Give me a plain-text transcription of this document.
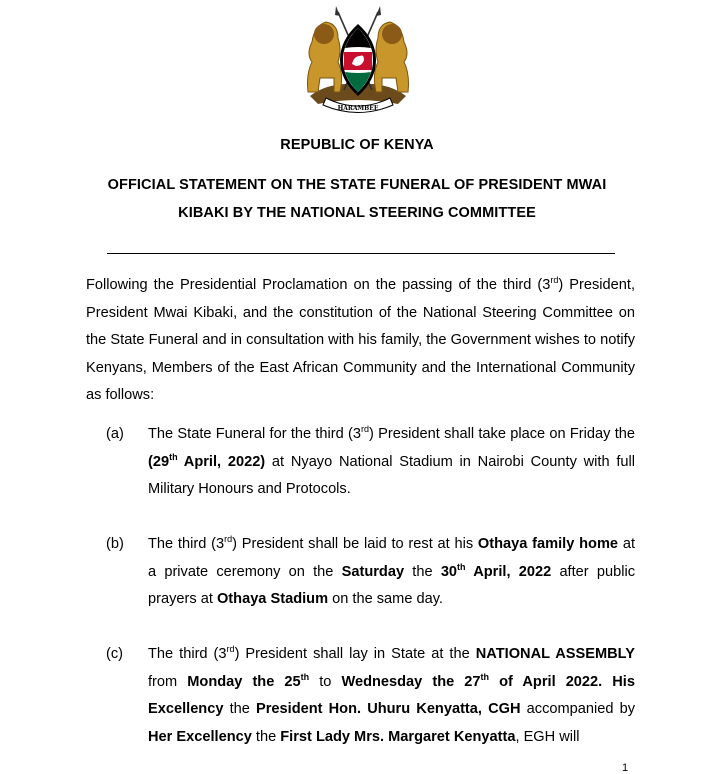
HARAMBEE
REPUBLIC OF KENYA
OFFICIAL STATEMENT ON THE STATE FUNERAL OF PRESIDENT MWAI
KIBAKI BY THE NATIONAL STEERING COMMITTEE
Following the Presidential Proclamation on the passing of the third (3rd) President, President Mwai Kibaki, and the constitution of the National Steering Committee on the State Funeral and in consultation with his family, the Government wishes to notify Kenyans, Members of the East African Community and the International Community as follows:
(a) The State Funeral for the third (3rd) President shall take place on Friday the (29th April, 2022) at Nyayo National Stadium in Nairobi County with full Military Honours and Protocols.
(b) The third (3rd) President shall be laid to rest at his Othaya family home at a private ceremony on the Saturday the 30th April, 2022 after public prayers at Othaya Stadium on the same day.
(c) The third (3rd) President shall lay in State at the NATIONAL ASSEMBLY from Monday the 25th to Wednesday the 27th of April 2022. His Excellency the President Hon. Uhuru Kenyatta, CGH accompanied by Her Excellency the First Lady Mrs. Margaret Kenyatta, EGH will
1
